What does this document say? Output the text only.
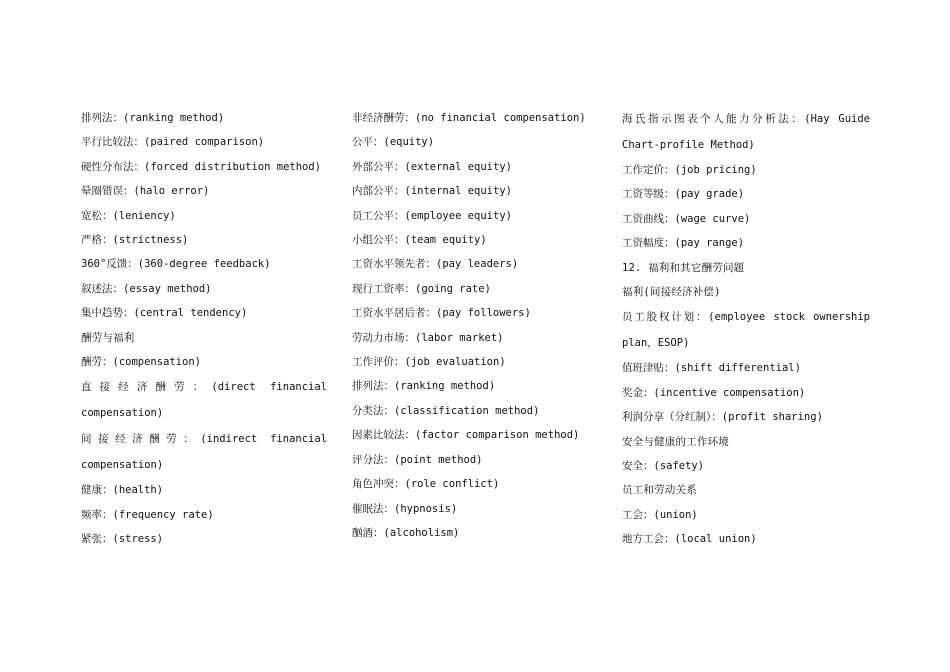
排列法：(ranking method)
平行比较法：(paired comparison)
硬性分布法：(forced distribution method)
晕圈错误：(halo error)
宽松：(leniency)
严格：(strictness)
360°反馈：(360-degree feedback)
叙述法：(essay method)
集中趋势：(central tendency)
酬劳与福利
酬劳：(compensation)
直接经济酬劳：(direct financial compensation)
间接经济酬劳：(indirect financial compensation)
健康：(health)
频率：(frequency rate)
紧张：(stress)
非经济酬劳：(no financial compensation)
公平：(equity)
外部公平：(external equity)
内部公平：(internal equity)
员工公平：(employee equity)
小组公平：(team equity)
工资水平领先者：(pay leaders)
现行工资率：(going rate)
工资水平居后者：(pay followers)
劳动力市场：(labor market)
工作评价：(job evaluation)
排列法：(ranking method)
分类法：(classification method)
因素比较法：(factor comparison method)
评分法：(point method)
角色冲突：(role conflict)
催眠法：(hypnosis)
酗酒：(alcoholism)
海氏指示图表个人能力分析法：(Hay Guide Chart-profile Method)
工作定价：(job pricing)
工资等级：(pay grade)
工资曲线：(wage curve)
工资幅度：(pay range)
12. 福利和其它酬劳问题
福利(间接经济补偿)
员工股权计划：(employee stock ownership plan，ESOP)
值班津贴：(shift differential)
奖金：(incentive compensation)
利润分享（分红制）：(profit sharing)
安全与健康的工作环境
安全：(safety)
员工和劳动关系
工会：(union)
地方工会：(local union)
